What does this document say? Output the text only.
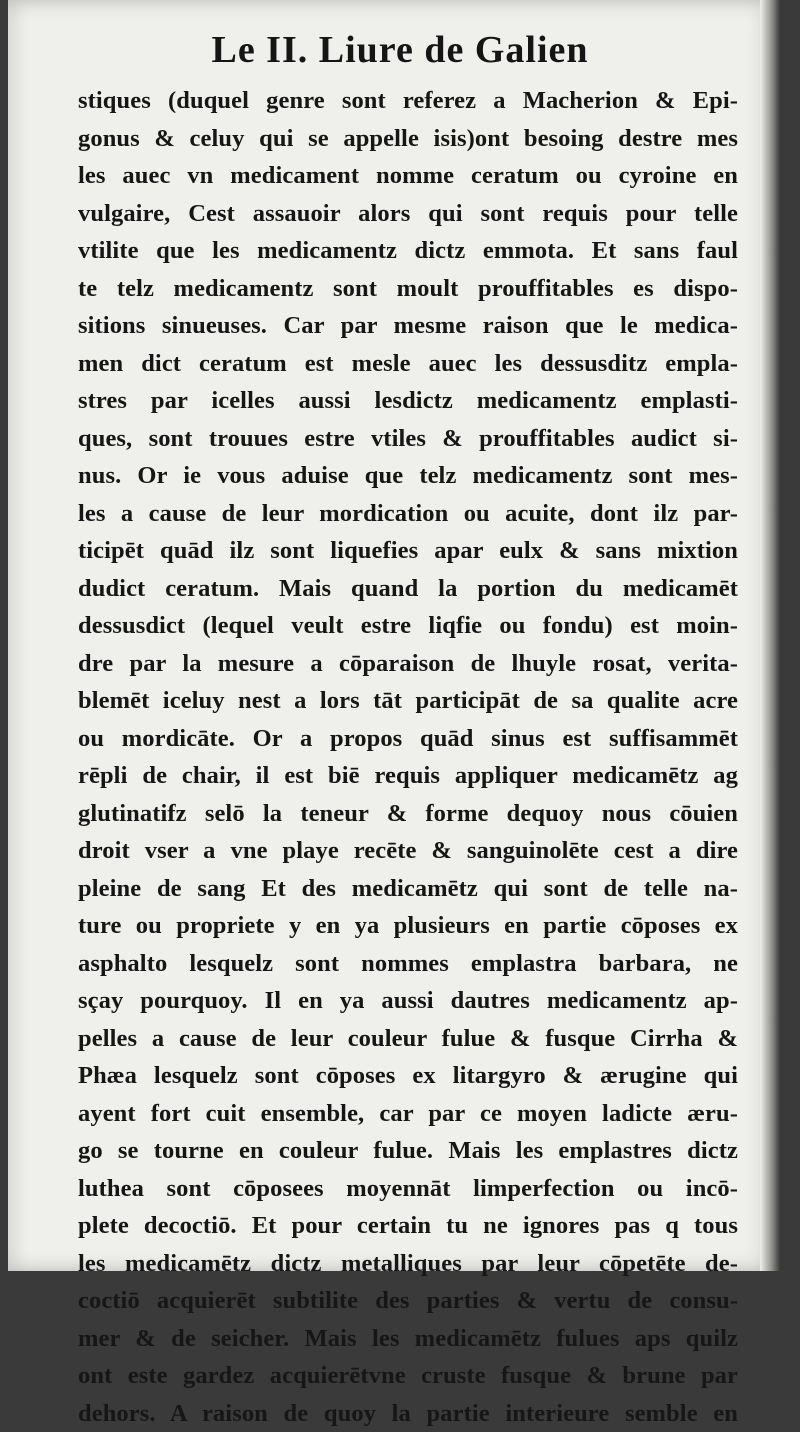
Le II. Liure de Galien
stiques (duquel genre sont referez a Macherion & Epi-
gonus & celuy qui se appelle isis)ont besoing destre mes
les auec vn medicament nomme ceratum ou cyroine en
vulgaire, Cest assauoir alors qui sont requis pour telle
vtilite que les medicamentz dictz emmota. Et sans faul
te telz medicamentz sont moult prouffitables es dispo-
sitions sinueuses. Car par mesme raison que le medica-
men dict ceratum est mesle auec les dessusditz empla-
stres par icelles aussi lesdictz medicamentz emplasti-
ques, sont trouues estre vtiles & prouffitables audict si-
nus. Or ie vous aduise que telz medicamentz sont mes-
les a cause de leur mordication ou acuite, dont ilz par-
ticipēt quād ilz sont liquefies apar eulx & sans mixtion
dudict ceratum. Mais quand la portion du medicamēt
dessusdict (lequel veult estre liqfie ou fondu) est moin-
dre par la mesure a cōparaison de lhuyle rosat, verita-
blemēt iceluy nest a lors tāt participāt de sa qualite acre
ou mordicāte. Or a propos quād sinus est suffisammēt
rēpli de chair, il est biē requis appliquer medicamētz ag
glutinatifz selō la teneur & forme dequoy nous cōuien
droit vser a vne playe recēte & sanguinolēte cest a dire
pleine de sang Et des medicamētz qui sont de telle na-
ture ou propriete y en ya plusieurs en partie cōposes ex
asphalto lesquelz sont nommes emplastra barbara, ne
sçay pourquoy. Il en ya aussi dautres medicamentz ap-
pelles a cause de leur couleur fulue & fusque Cirrha &
Phæa lesquelz sont cōposes ex litargyro & ærugine qui
ayent fort cuit ensemble, car par ce moyen ladicte æru-
go se tourne en couleur fulue. Mais les emplastres dictz
luthea sont cōposees moyennāt limperfection ou incō-
plete decoctiō. Et pour certain tu ne ignores pas q tous
les medicamētz dictz metalliques par leur cōpetēte de-
coctiō acquierēt subtilite des parties & vertu de consu-
mer & de seicher. Mais les medicamētz fulues aps quilz
ont este gardez acquierētvne cruste fusque & brune par
dehors. A raison de quoy la partie interieure semble en
